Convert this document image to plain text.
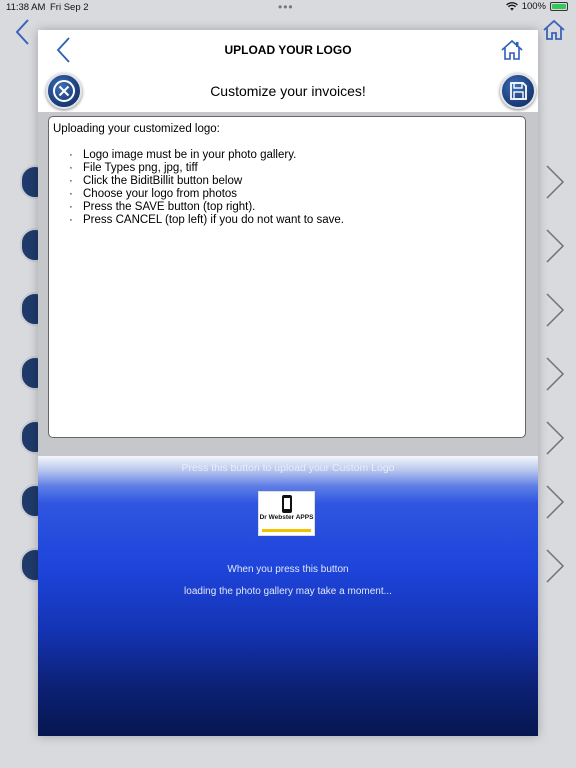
11:38 AM Fri Sep 2	•••	100%
UPLOAD YOUR LOGO
Customize your invoices!
Uploading your customized logo:
· Logo image must be in your photo gallery.
· File Types png, jpg, tiff
· Click the BiditBillit button below
· Choose your logo from photos
· Press the SAVE button (top right).
· Press CANCEL (top left) if you do not want to save.
Press this button to upload your Custom Logo
Dr Webster APPS
When you press this button
loading the photo gallery may take a moment...
